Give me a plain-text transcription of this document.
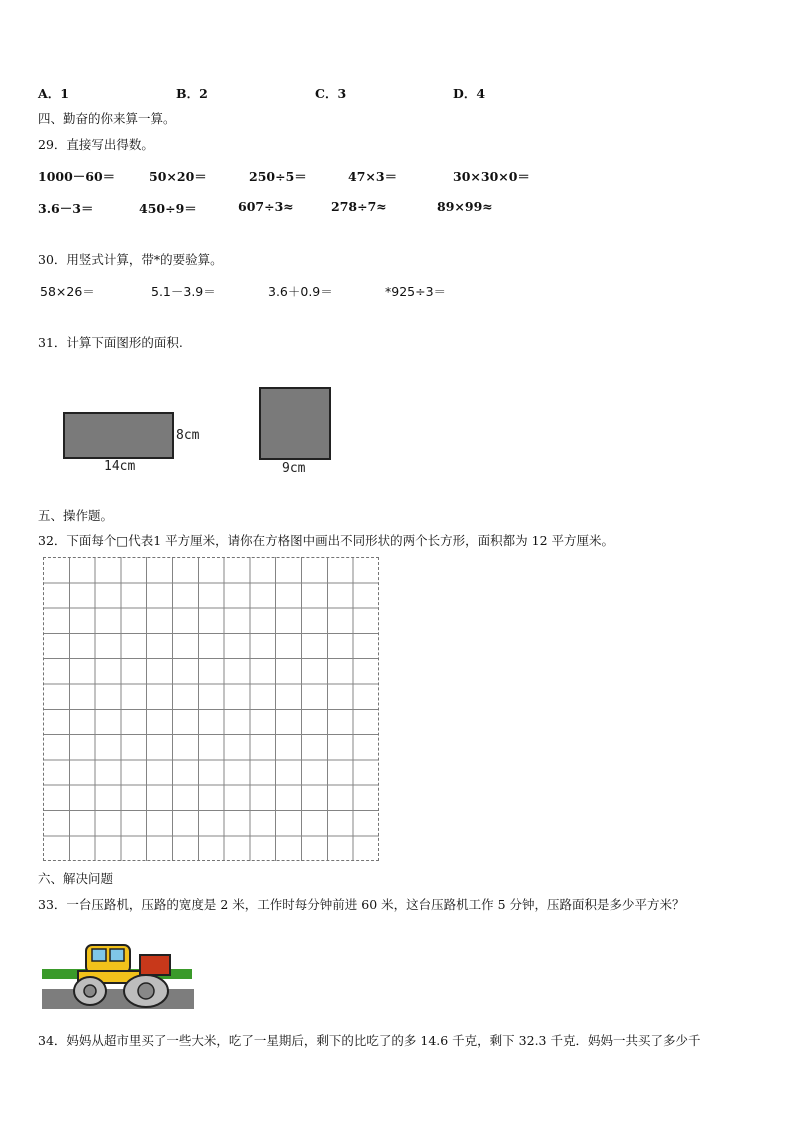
A．1	B．2	C．3	D．4
四、勤奋的你来算一算。
29．直接写出得数。
1000－60＝	50×20＝	250÷5＝	47×3＝	30×30×0＝
3.6－3＝	450÷9＝	607÷3≈	278÷7≈	89×99≈
30．用竖式计算，带*的要验算。
58×26＝	5.1－3.9＝	3.6＋0.9＝	*925÷3＝
31．计算下面图形的面积.
8cm
14cm	9cm
五、操作题。
32．下面每个□代表1 平方厘米，请你在方格图中画出不同形状的两个长方形，面积都为 12 平方厘米。
六、解决问题
33．一台压路机，压路的宽度是 2 米，工作时每分钟前进 60 米，这台压路机工作 5 分钟，压路面积是多少平方米？
34．妈妈从超市里买了一些大米，吃了一星期后，剩下的比吃了的多 14.6 千克，剩下 32.3 千克．妈妈一共买了多少千
